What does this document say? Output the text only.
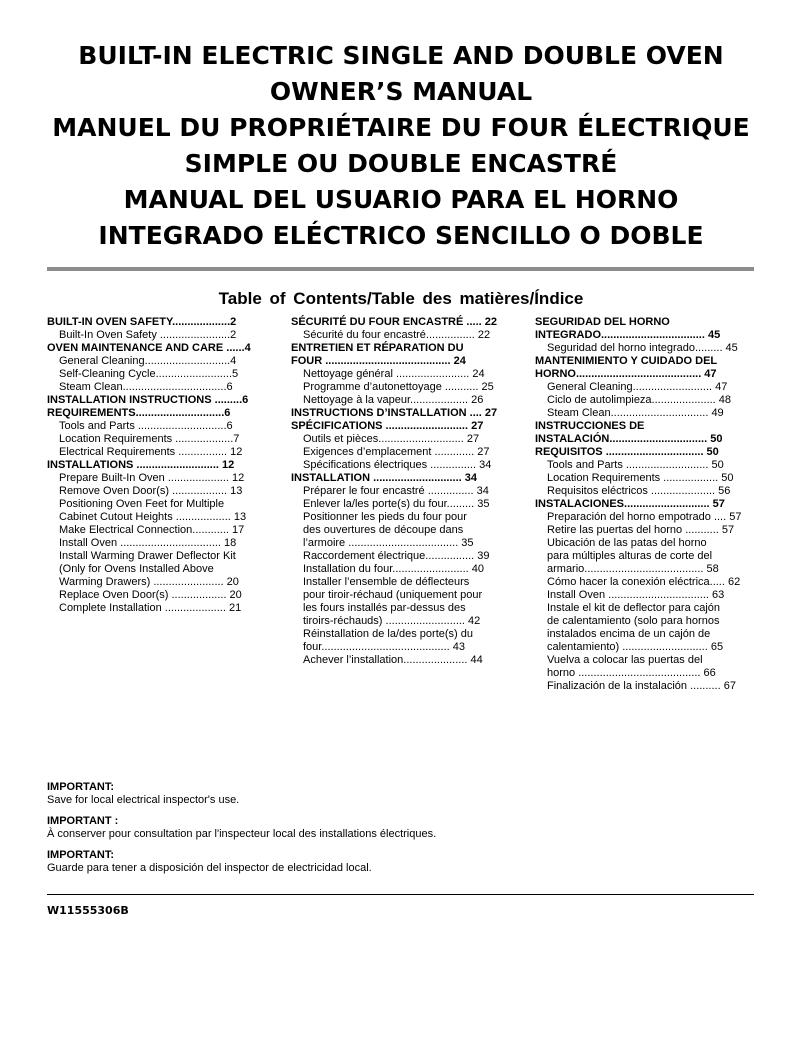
BUILT-IN ELECTRIC SINGLE AND DOUBLE OVEN
OWNER’S MANUAL
MANUEL DU PROPRIÉTAIRE DU FOUR ÉLECTRIQUE
SIMPLE OU DOUBLE ENCASTRÉ
MANUAL DEL USUARIO PARA EL HORNO
INTEGRADO ELÉCTRICO SENCILLO O DOBLE
Table of Contents/Table des matières/Índice
BUILT-IN OVEN SAFETY...................2
Built-In Oven Safety .......................2
OVEN MAINTENANCE AND CARE ......4
General Cleaning............................4
Self-Cleaning Cycle.........................5
Steam Clean..................................6
INSTALLATION INSTRUCTIONS .........6
REQUIREMENTS.............................6
Tools and Parts .............................6
Location Requirements ...................7
Electrical Requirements ................ 12
INSTALLATIONS ........................... 12
Prepare Built-In Oven .................... 12
Remove Oven Door(s) .................. 13
Positioning Oven Feet for Multiple
Cabinet Cutout Heights .................. 13
Make Electrical Connection............ 17
Install Oven ................................. 18
Install Warming Drawer Deflector Kit
(Only for Ovens Installed Above
Warming Drawers) ....................... 20
Replace Oven Door(s) .................. 20
Complete Installation .................... 21
SÉCURITÉ DU FOUR ENCASTRÉ ..... 22
Sécurité du four encastré................ 22
ENTRETIEN ET RÉPARATION DU
FOUR ......................................... 24
Nettoyage général ........................ 24
Programme d’autonettoyage ........... 25
Nettoyage à la vapeur................... 26
INSTRUCTIONS D’INSTALLATION .... 27
SPÉCIFICATIONS ........................... 27
Outils et pièces............................ 27
Exigences d’emplacement ............. 27
Spécifications électriques ............... 34
INSTALLATION ............................. 34
Préparer le four encastré ............... 34
Enlever la/les porte(s) du four......... 35
Positionner les pieds du four pour
des ouvertures de découpe dans
l’armoire .................................... 35
Raccordement électrique................ 39
Installation du four......................... 40
Installer l’ensemble de déflecteurs
pour tiroir-réchaud (uniquement pour
les fours installés par-dessus des
tiroirs-réchauds) .......................... 42
Réinstallation de la/des porte(s) du
four.......................................... 43
Achever l’installation..................... 44
SEGURIDAD DEL HORNO
INTEGRADO.................................. 45
Seguridad del horno integrado......... 45
MANTENIMIENTO Y CUIDADO DEL
HORNO......................................... 47
General Cleaning.......................... 47
Ciclo de autolimpieza..................... 48
Steam Clean................................ 49
INSTRUCCIONES DE
INSTALACIÓN................................ 50
REQUISITOS ................................ 50
Tools and Parts ........................... 50
Location Requirements .................. 50
Requisitos eléctricos ..................... 56
INSTALACIONES............................ 57
Preparación del horno empotrado .... 57
Retire las puertas del horno ........... 57
Ubicación de las patas del horno
para múltiples alturas de corte del
armario....................................... 58
Cómo hacer la conexión eléctrica..... 62
Install Oven ................................. 63
Instale el kit de deflector para cajón
de calentamiento (solo para hornos
instalados encima de un cajón de
calentamiento) ............................ 65
Vuelva a colocar las puertas del
horno ........................................ 66
Finalización de la instalación .......... 67
IMPORTANT:
Save for local electrical inspector's use.
IMPORTANT :
À conserver pour consultation par l'inspecteur local des installations électriques.
IMPORTANT:
Guarde para tener a disposición del inspector de electricidad local.
W11555306B
